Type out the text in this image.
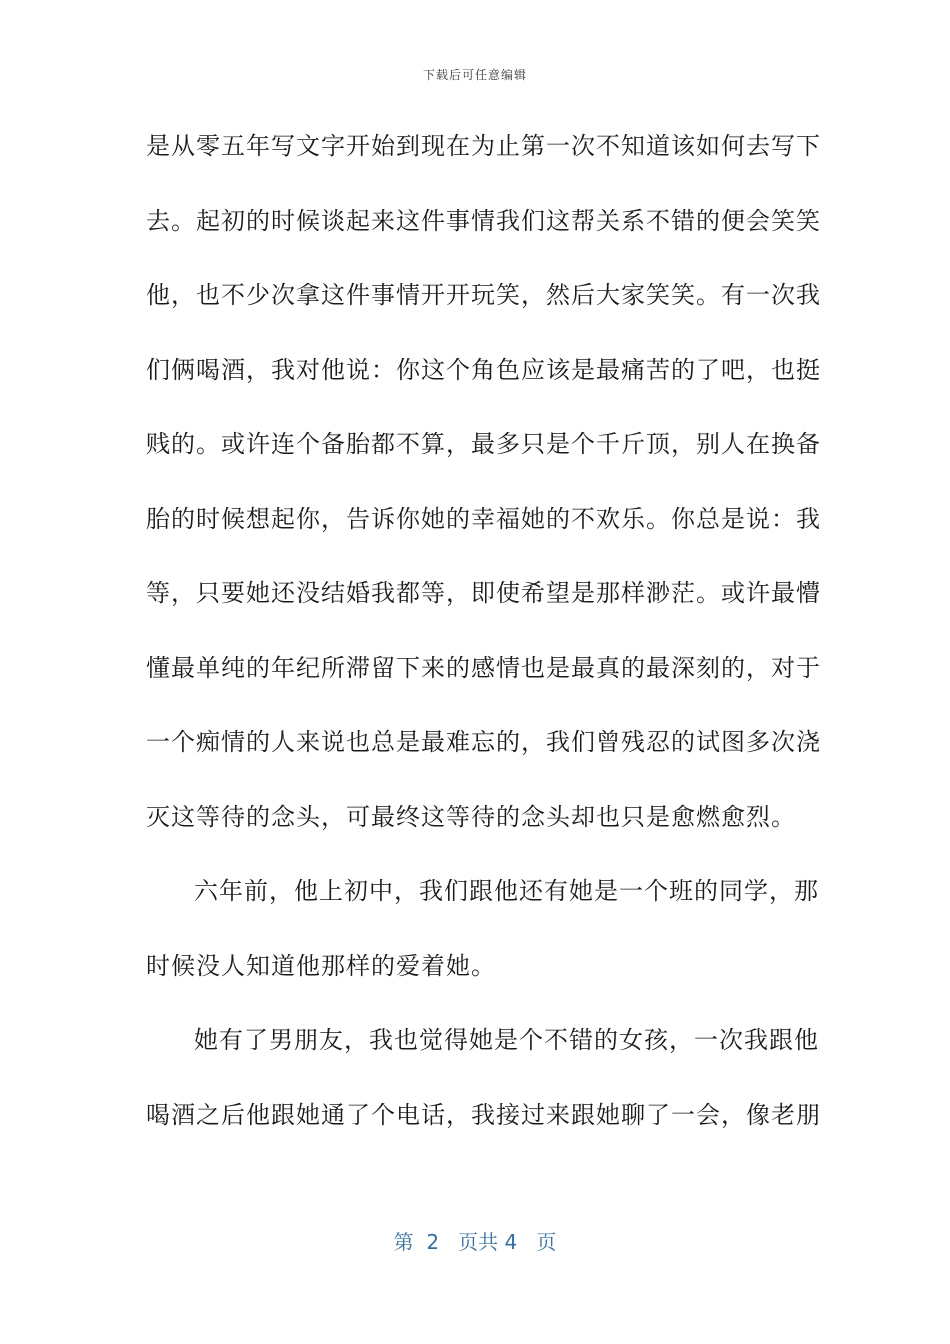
下载后可任意编辑
是从零五年写文字开始到现在为止第一次不知道该如何去写下
去。起初的时候谈起来这件事情我们这帮关系不错的便会笑笑
他，也不少次拿这件事情开开玩笑，然后大家笑笑。有一次我
们俩喝酒，我对他说：你这个角色应该是最痛苦的了吧，也挺
贱的。或许连个备胎都不算，最多只是个千斤顶，别人在换备
胎的时候想起你，告诉你她的幸福她的不欢乐。你总是说：我
等，只要她还没结婚我都等，即使希望是那样渺茫。或许最懵
懂最单纯的年纪所滞留下来的感情也是最真的最深刻的，对于
一个痴情的人来说也总是最难忘的，我们曾残忍的试图多次浇
灭这等待的念头，可最终这等待的念头却也只是愈燃愈烈。
六年前，他上初中，我们跟他还有她是一个班的同学，那
时候没人知道他那样的爱着她。
她有了男朋友，我也觉得她是个不错的女孩，一次我跟他
喝酒之后他跟她通了个电话，我接过来跟她聊了一会，像老朋
第  2   页共 4   页
